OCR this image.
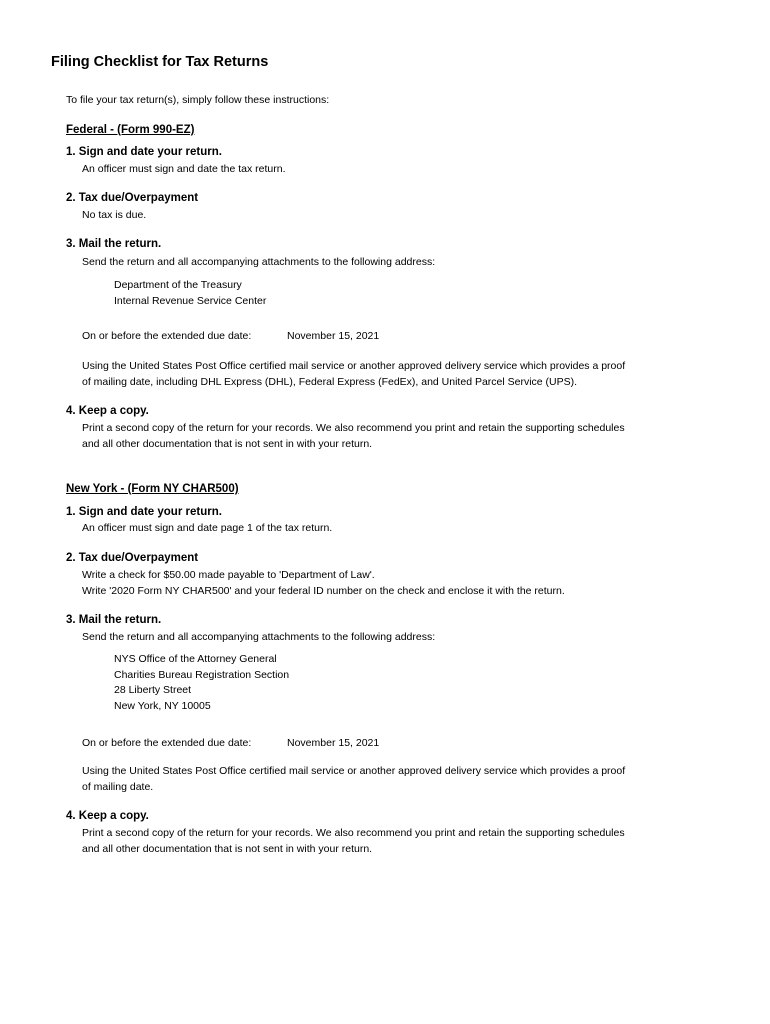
Filing Checklist for Tax Returns
To file your tax return(s), simply follow these instructions:
Federal - (Form 990-EZ)
1. Sign and date your return.
An officer must sign and date the tax return.
2. Tax due/Overpayment
No tax is due.
3. Mail the return.
Send the return and all accompanying attachments to the following address:
Department of the Treasury
Internal Revenue Service Center
On or before the extended due date:	November 15, 2021
Using the United States Post Office certified mail service or another approved delivery service which provides a proof
of mailing date, including DHL Express (DHL), Federal Express (FedEx), and United Parcel Service (UPS).
4. Keep a copy.
Print a second copy of the return for your records. We also recommend you print and retain the supporting schedules
and all other documentation that is not sent in with your return.
New York - (Form NY CHAR500)
1. Sign and date your return.
An officer must sign and date page 1 of the tax return.
2. Tax due/Overpayment
Write a check for $50.00 made payable to 'Department of Law'.
Write '2020 Form NY CHAR500' and your federal ID number on the check and enclose it with the return.
3. Mail the return.
Send the return and all accompanying attachments to the following address:
NYS Office of the Attorney General
Charities Bureau Registration Section
28 Liberty Street
New York, NY 10005
On or before the extended due date:	November 15, 2021
Using the United States Post Office certified mail service or another approved delivery service which provides a proof
of mailing date.
4. Keep a copy.
Print a second copy of the return for your records. We also recommend you print and retain the supporting schedules
and all other documentation that is not sent in with your return.
